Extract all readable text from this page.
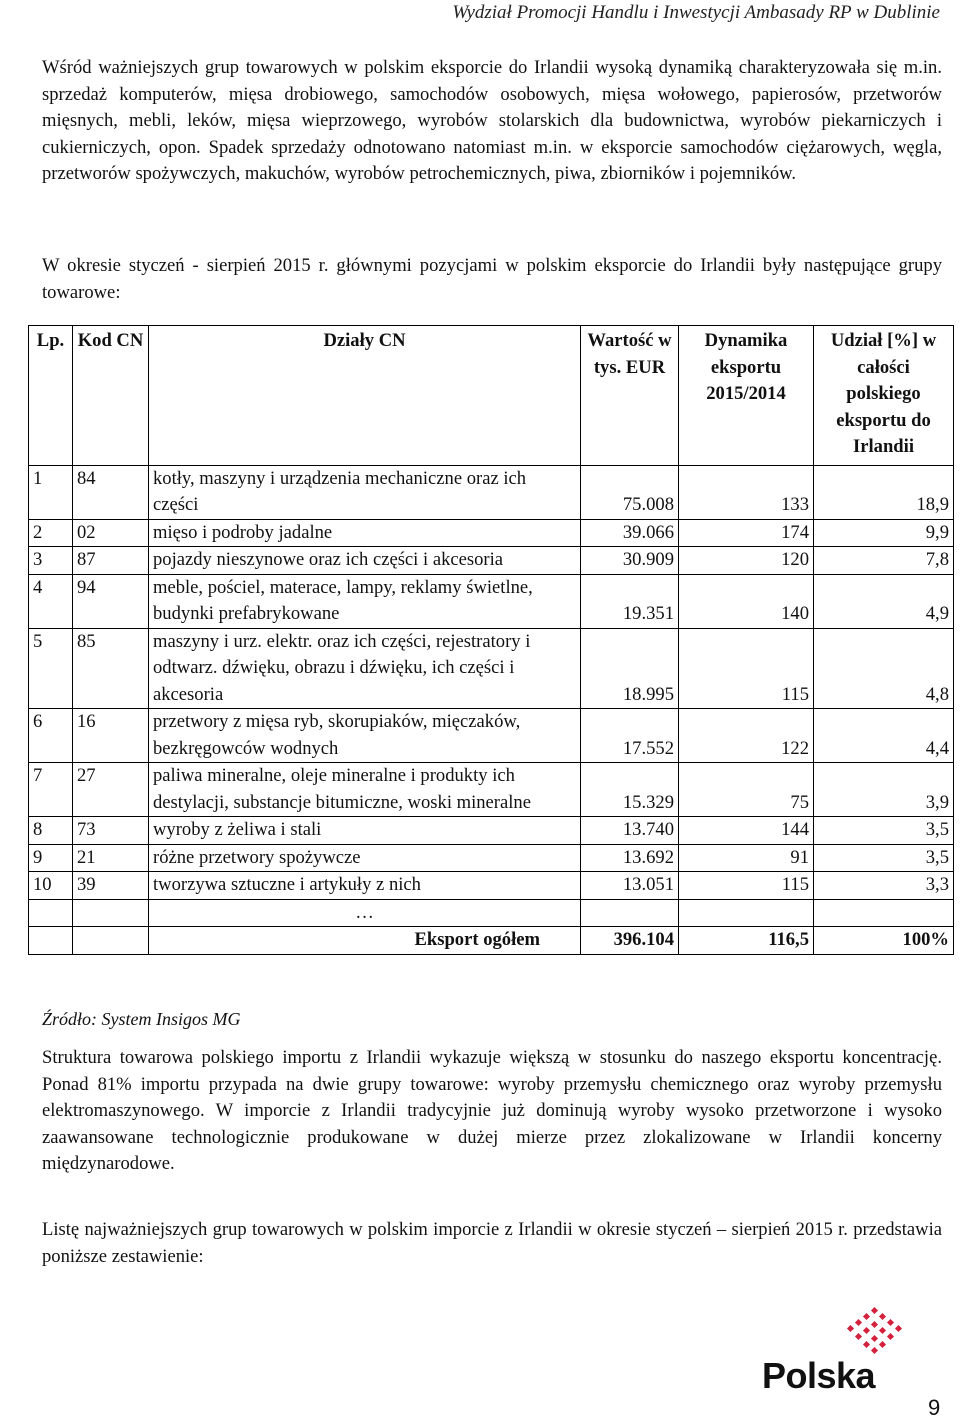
Wydział Promocji Handlu i Inwestycji Ambasady RP w Dublinie

Wśród ważniejszych grup towarowych w polskim eksporcie do Irlandii wysoką dynamiką charakteryzowała się m.in. sprzedaż komputerów, mięsa drobiowego, samochodów osobowych, mięsa wołowego, papierosów, przetworów mięsnych, mebli, leków, mięsa wieprzowego, wyrobów stolarskich dla budownictwa, wyrobów piekarniczych i cukierniczych, opon. Spadek sprzedaży odnotowano natomiast m.in. w eksporcie samochodów ciężarowych, węgla, przetworów spożywczych, makuchów, wyrobów petrochemicznych, piwa, zbiorników i pojemników.

W okresie styczeń - sierpień 2015 r. głównymi pozycjami w polskim eksporcie do Irlandii były następujące grupy towarowe:

Lp.	Kod CN	Działy CN	Wartość w tys. EUR	Dynamika eksportu 2015/2014	Udział [%] w całości polskiego eksportu do Irlandii
1	84	kotły, maszyny i urządzenia mechaniczne oraz ich części	75.008	133	18,9
2	02	mięso i podroby jadalne	39.066	174	9,9
3	87	pojazdy nieszynowe oraz ich części i akcesoria	30.909	120	7,8
4	94	meble, pościel, materace, lampy, reklamy świetlne, budynki prefabrykowane	19.351	140	4,9
5	85	maszyny i urz. elektr. oraz ich części, rejestratory i odtwarz. dźwięku, obrazu i dźwięku, ich części i akcesoria	18.995	115	4,8
6	16	przetwory z mięsa ryb, skorupiaków, mięczaków, bezkręgowców wodnych	17.552	122	4,4
7	27	paliwa mineralne, oleje mineralne i produkty ich destylacji, substancje bitumiczne, woski mineralne	15.329	75	3,9
8	73	wyroby z żeliwa i stali	13.740	144	3,5
9	21	różne przetwory spożywcze	13.692	91	3,5
10	39	tworzywa sztuczne i artykuły z nich	13.051	115	3,3
		…			
		Eksport ogółem	396.104	116,5	100%
Źródło: System Insigos MG

Struktura towarowa polskiego importu z Irlandii wykazuje większą w stosunku do naszego eksportu koncentrację. Ponad 81% importu przypada na dwie grupy towarowe: wyroby przemysłu chemicznego oraz wyroby przemysłu elektromaszynowego. W imporcie z Irlandii tradycyjnie już dominują wyroby wysoko przetworzone i wysoko zaawansowane technologicznie produkowane w dużej mierze przez zlokalizowane w Irlandii koncerny międzynarodowe.

Listę najważniejszych grup towarowych w polskim imporcie z Irlandii w okresie styczeń – sierpień 2015 r. przedstawia poniższe zestawienie:

Polska
9
